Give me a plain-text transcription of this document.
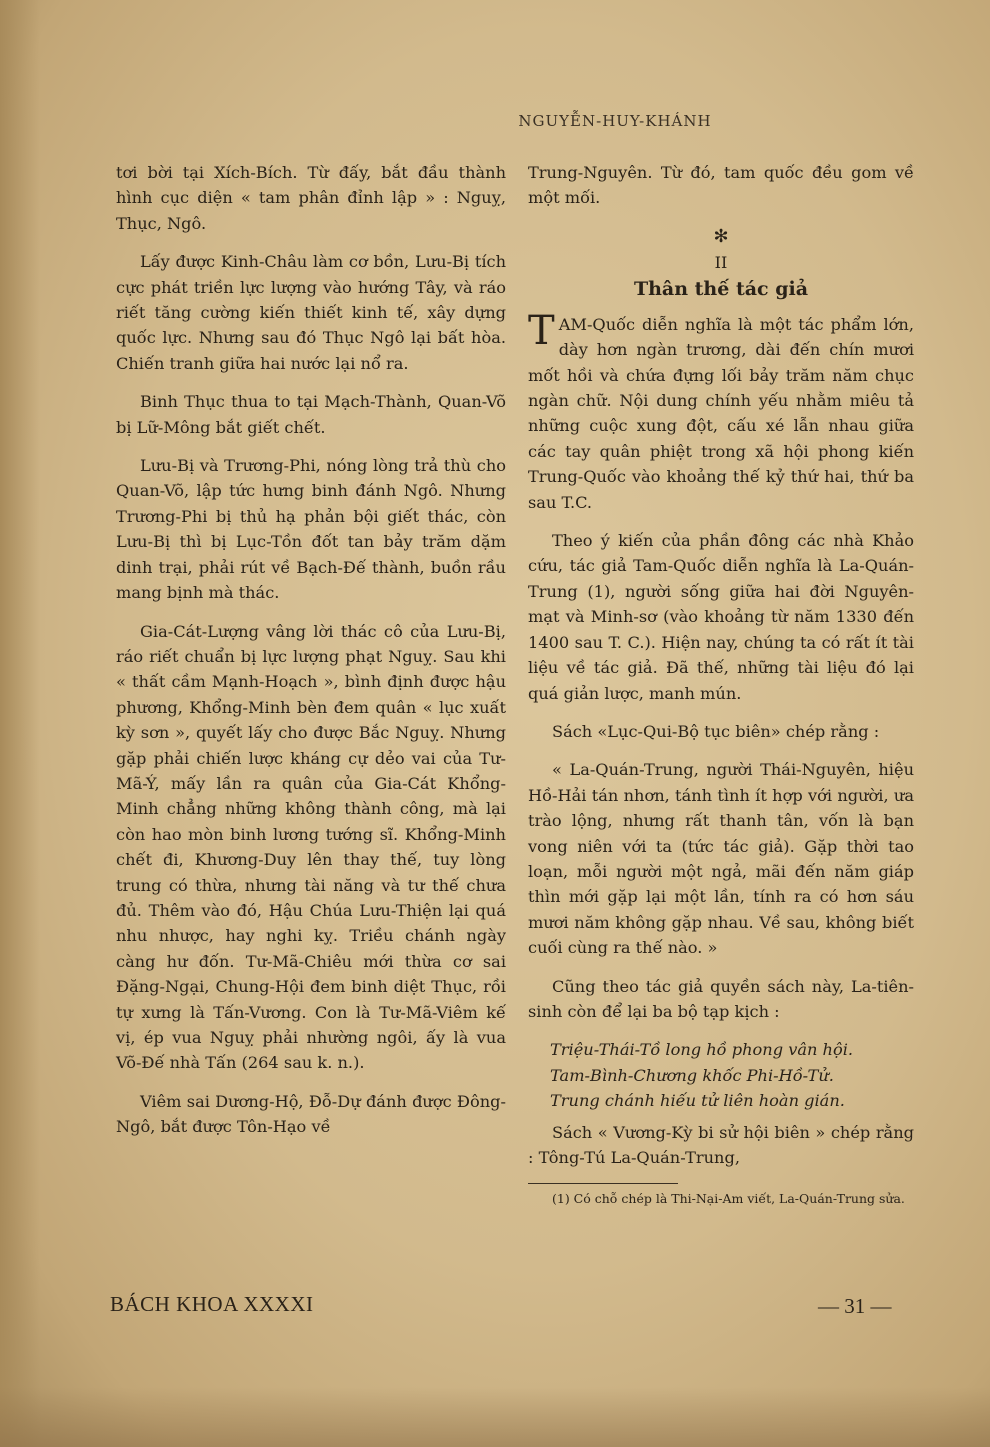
NGUYỄN-HUY-KHÁNH

tơi bời tại Xích-Bích. Từ đấy, bắt đầu thành hình cục diện « tam phân đỉnh lập » : Nguỵ, Thục, Ngô.

Lấy được Kinh-Châu làm cơ bồn, Lưu-Bị tích cực phát triền lực lượng vào hướng Tây, và ráo riết tăng cường kiến thiết kinh tế, xây dựng quốc lực. Nhưng sau đó Thục Ngô lại bất hòa. Chiến tranh giữa hai nước lại nổ ra.

Binh Thục thua to tại Mạch-Thành, Quan-Võ bị Lữ-Mông bắt giết chết.

Lưu-Bị và Trương-Phi, nóng lòng trả thù cho Quan-Võ, lập tức hưng binh đánh Ngô. Nhưng Trương-Phi bị thủ hạ phản bội giết thác, còn Lưu-Bị thì bị Lục-Tồn đốt tan bảy trăm dặm dinh trại, phải rút về Bạch-Đế thành, buồn rầu mang bịnh mà thác.

Gia-Cát-Lượng vâng lời thác cô của Lưu-Bị, ráo riết chuẩn bị lực lượng phạt Nguỵ. Sau khi « thất cầm Mạnh-Hoạch », bình định được hậu phương, Khổng-Minh bèn đem quân « lục xuất kỳ sơn », quyết lấy cho được Bắc Nguỵ. Nhưng gặp phải chiến lược kháng cự dẻo vai của Tư-Mã-Ý, mấy lần ra quân của Gia-Cát Khổng-Minh chẳng những không thành công, mà lại còn hao mòn binh lương tướng sĩ. Khổng-Minh chết đi, Khương-Duy lên thay thế, tuy lòng trung có thừa, nhưng tài năng và tư thế chưa đủ. Thêm vào đó, Hậu Chúa Lưu-Thiện lại quá nhu nhược, hay nghi kỵ. Triều chánh ngày càng hư đốn. Tư-Mã-Chiêu mới thừa cơ sai Đặng-Ngại, Chung-Hội đem binh diệt Thục, rồi tự xưng là Tấn-Vương. Con là Tư-Mã-Viêm kế vị, ép vua Nguỵ phải nhường ngôi, ấy là vua Võ-Đế nhà Tấn (264 sau k. n.).

Viêm sai Dương-Hộ, Đỗ-Dự đánh được Đông-Ngô, bắt được Tôn-Hạo về

Trung-Nguyên. Từ đó, tam quốc đều gom về một mối.

✻
II
Thân thế tác giả

TAM-Quốc diễn nghĩa là một tác phẩm lớn, dày hơn ngàn trương, dài đến chín mươi mốt hồi và chứa đựng lối bảy trăm năm chục ngàn chữ. Nội dung chính yếu nhằm miêu tả những cuộc xung đột, cấu xé lẫn nhau giữa các tay quân phiệt trong xã hội phong kiến Trung-Quốc vào khoảng thế kỷ thứ hai, thứ ba sau T.C.

Theo ý kiến của phần đông các nhà Khảo cứu, tác giả Tam-Quốc diễn nghĩa là La-Quán-Trung (1), người sống giữa hai đời Nguyên-mạt và Minh-sơ (vào khoảng từ năm 1330 đến 1400 sau T. C.). Hiện nay, chúng ta có rất ít tài liệu về tác giả. Đã thế, những tài liệu đó lại quá giản lược, manh mún.

Sách «Lục-Qui-Bộ tục biên» chép rằng :

« La-Quán-Trung, người Thái-Nguyên, hiệu Hồ-Hải tán nhơn, tánh tình ít hợp với người, ưa trào lộng, nhưng rất thanh tân, vốn là bạn vong niên với ta (tức tác giả). Gặp thời tao loạn, mỗi người một ngả, mãi đến năm giáp thìn mới gặp lại một lần, tính ra có hơn sáu mươi năm không gặp nhau. Về sau, không biết cuối cùng ra thế nào. »

Cũng theo tác giả quyền sách này, La-tiên-sinh còn để lại ba bộ tạp kịch :

Triệu-Thái-Tồ long hồ phong vân hội.

Tam-Bình-Chương khốc Phi-Hồ-Tử.

Trung chánh hiếu tử liên hoàn gián.

Sách « Vương-Kỳ bi sử hội biên » chép rằng : Tông-Tú La-Quán-Trung,

(1) Có chỗ chép là Thi-Nại-Am viết, La-Quán-Trung sửa.

BÁCH KHOA XXXXI	— 31 —
